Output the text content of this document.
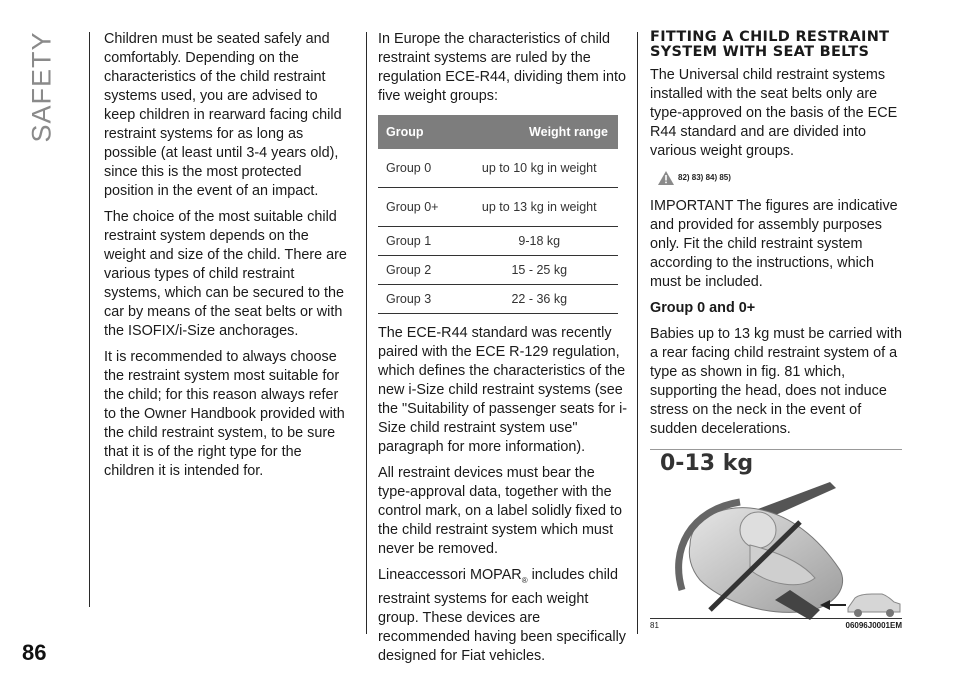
SAFETY
86

Children must be seated safely and comfortably. Depending on the characteristics of the child restraint systems used, you are advised to keep children in rearward facing child restraint systems for as long as possible (at least until 3-4 years old), since this is the most protected position in the event of an impact.

The choice of the most suitable child restraint system depends on the weight and size of the child. There are various types of child restraint systems, which can be secured to the car by means of the seat belts or with the ISOFIX/i-Size anchorages.

It is recommended to always choose the restraint system most suitable for the child; for this reason always refer to the Owner Handbook provided with the child restraint system, to be sure that it is of the right type for the children it is intended for.

In Europe the characteristics of child restraint systems are ruled by the regulation ECE-R44, dividing them into five weight groups:

Group	Weight range
Group 0	up to 10 kg in weight
Group 0+	up to 13 kg in weight
Group 1	9-18 kg
Group 2	15 - 25 kg
Group 3	22 - 36 kg

The ECE-R44 standard was recently paired with the ECE R-129 regulation, which defines the characteristics of the new i-Size child restraint systems (see the "Suitability of passenger seats for i-Size child restraint system use" paragraph for more information).

All restraint devices must bear the type-approval data, together with the control mark, on a label solidly fixed to the child restraint system which must never be removed.

Lineaccessori $MOPAR_®$ includes child restraint systems for each weight group. These devices are recommended having been specifically designed for Fiat vehicles.

FITTING A CHILD RESTRAINT SYSTEM WITH SEAT BELTS

The Universal child restraint systems installed with the seat belts only are type-approved on the basis of the ECE R44 standard and are divided into various weight groups.

82) 83) 84) 85)

IMPORTANT The figures are indicative and provided for assembly purposes only. Fit the child restraint system according to the instructions, which must be included.

Group 0 and 0+

Babies up to 13 kg must be carried with a rear facing child restraint system of a type as shown in fig. 81 which, supporting the head, does not induce stress on the neck in the event of sudden decelerations.

0-13 kg
81	06096J0001EM
